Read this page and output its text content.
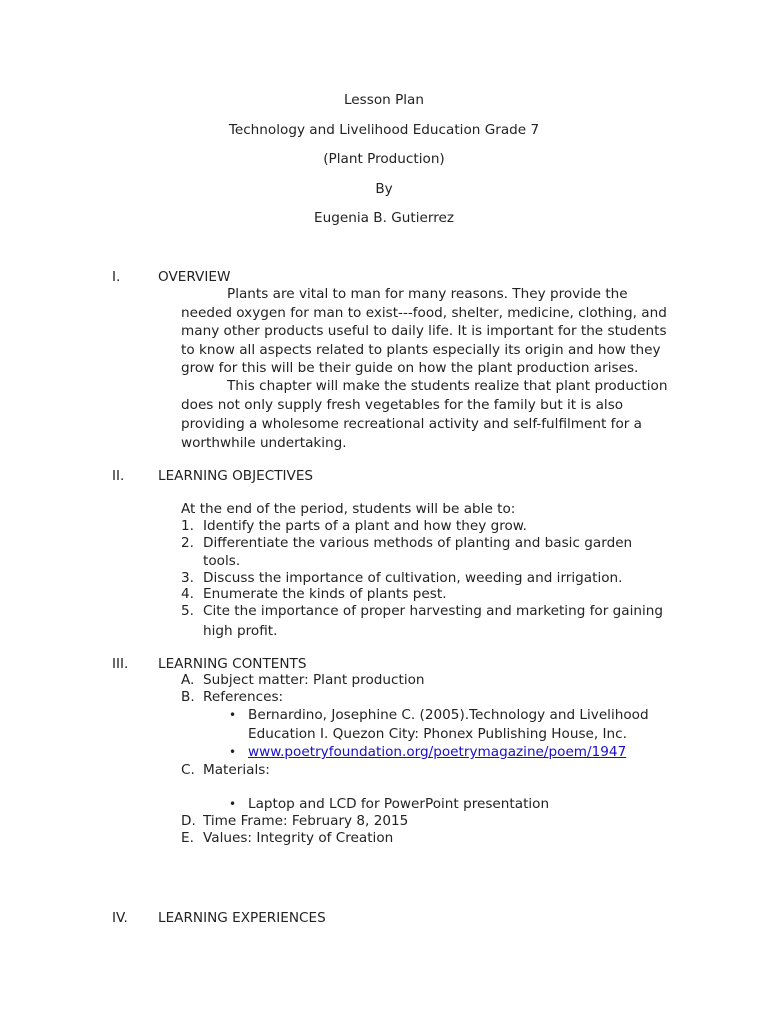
Lesson Plan
Technology and Livelihood Education Grade 7
(Plant Production)
By
Eugenia B. Gutierrez
I.	OVERVIEW
Plants are vital to man for many reasons. They provide the
needed oxygen for man to exist---food, shelter, medicine, clothing, and
many other products useful to daily life. It is important for the students
to know all aspects related to plants especially its origin and how they
grow for this will be their guide on how the plant production arises.
This chapter will make the students realize that plant production
does not only supply fresh vegetables for the family but it is also
providing a wholesome recreational activity and self-fulfilment for a
worthwhile undertaking.
II. LEARNING OBJECTIVES
At the end of the period, students will be able to:
1. Identify the parts of a plant and how they grow.
2. Differentiate the various methods of planting and basic garden
tools.
3. Discuss the importance of cultivation, weeding and irrigation.
4. Enumerate the kinds of plants pest.
5. Cite the importance of proper harvesting and marketing for gaining
high profit.
III. LEARNING CONTENTS
A. Subject matter: Plant production
B. References:
• Bernardino, Josephine C. (2005).Technology and Livelihood
Education I. Quezon City: Phonex Publishing House, Inc.
• www.poetryfoundation.org/poetrymagazine/poem/1947
C. Materials:
• Laptop and LCD for PowerPoint presentation
D. Time Frame: February 8, 2015
E. Values: Integrity of Creation
IV. LEARNING EXPERIENCES
